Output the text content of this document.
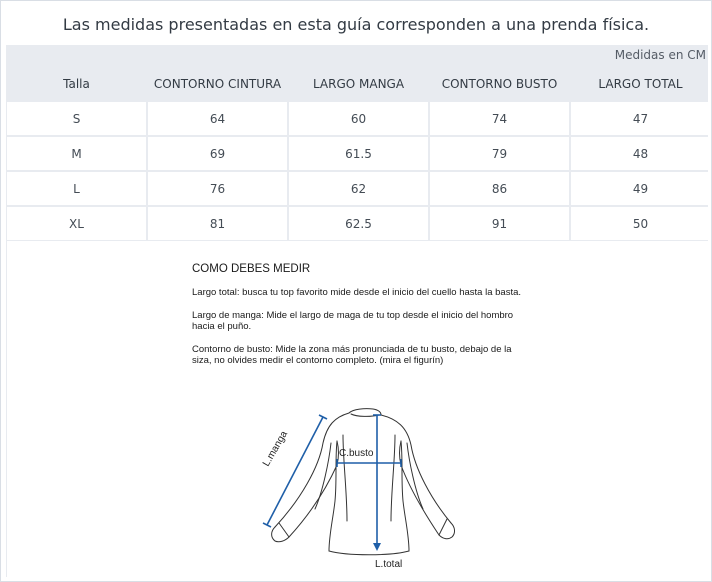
Las medidas presentadas en esta guía corresponden a una prenda física.
Medidas en CM
Talla	CONTORNO CINTURA	LARGO MANGA	CONTORNO BUSTO	LARGO TOTAL
S	64	60	74	47
M	69	61.5	79	48
L	76	62	86	49
XL	81	62.5	91	50
COMO DEBES MEDIR

Largo total: busca tu top favorito mide desde el inicio del cuello hasta la basta.

Largo de manga: Mide el largo de maga de tu top desde el inicio del hombro hacia el puño.

Contorno de busto: Mide la zona más pronunciada de tu busto, debajo de la siza, no olvides medir el contorno completo. (mira el figurín)

L.manga	C.busto
L.total
